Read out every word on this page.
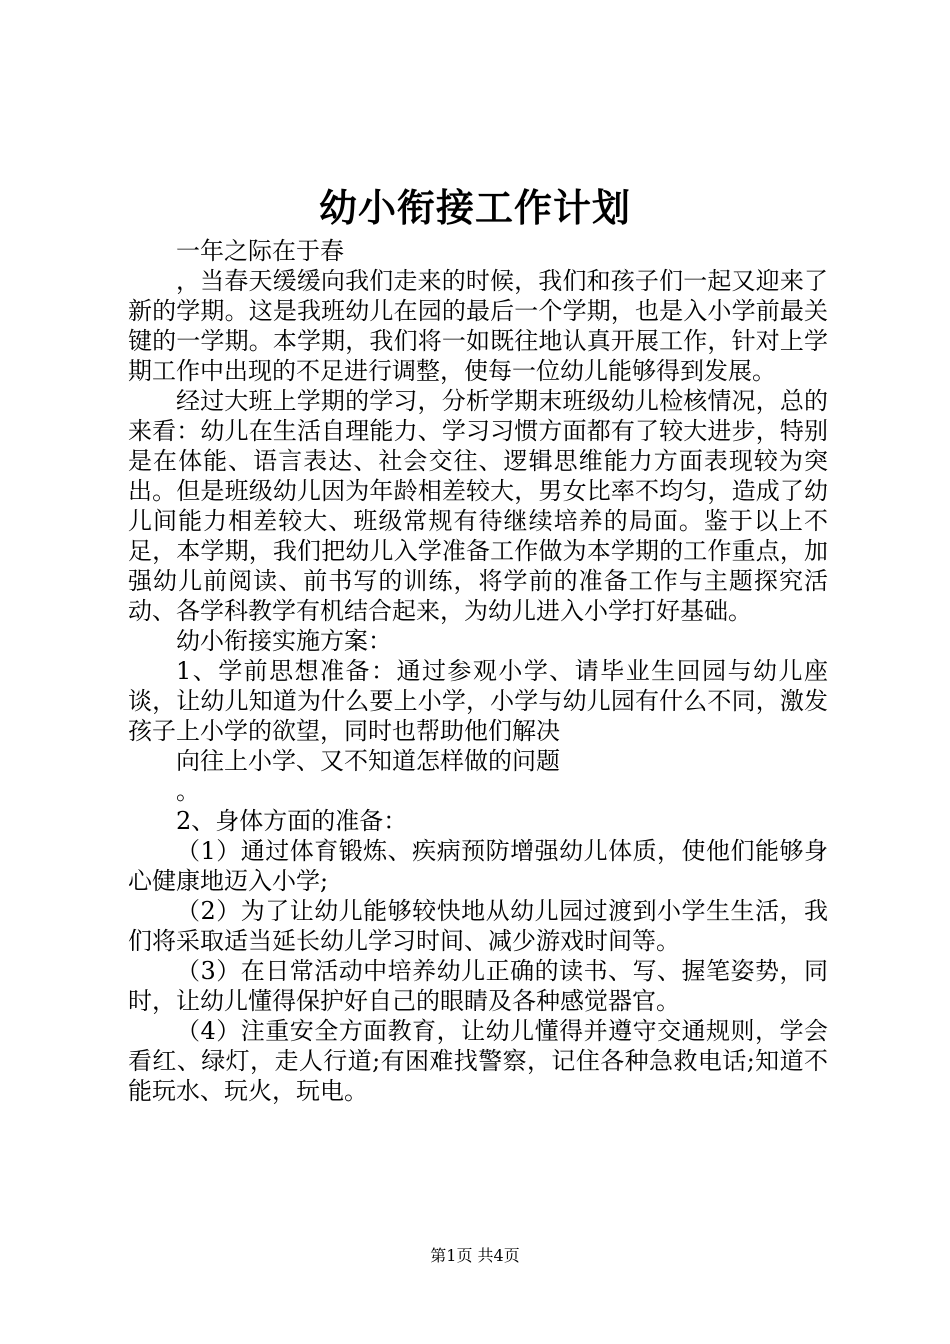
幼小衔接工作计划

一年之际在于春

，当春天缓缓向我们走来的时候，我们和孩子们一起又迎来了新的学期。这是我班幼儿在园的最后一个学期，也是入小学前最关键的一学期。本学期，我们将一如既往地认真开展工作，针对上学期工作中出现的不足进行调整，使每一位幼儿能够得到发展。

经过大班上学期的学习，分析学期末班级幼儿检核情况，总的来看：幼儿在生活自理能力、学习习惯方面都有了较大进步，特别是在体能、语言表达、社会交往、逻辑思维能力方面表现较为突出。但是班级幼儿因为年龄相差较大，男女比率不均匀，造成了幼儿间能力相差较大、班级常规有待继续培养的局面。鉴于以上不足，本学期，我们把幼儿入学准备工作做为本学期的工作重点，加强幼儿前阅读、前书写的训练，将学前的准备工作与主题探究活动、各学科教学有机结合起来，为幼儿进入小学打好基础。

幼小衔接实施方案：

1、学前思想准备：通过参观小学、请毕业生回园与幼儿座谈，让幼儿知道为什么要上小学，小学与幼儿园有什么不同，激发孩子上小学的欲望，同时也帮助他们解决

向往上小学、又不知道怎样做的问题

。

2、身体方面的准备：

（1）通过体育锻炼、疾病预防增强幼儿体质，使他们能够身心健康地迈入小学;

（2）为了让幼儿能够较快地从幼儿园过渡到小学生生活，我们将采取适当延长幼儿学习时间、减少游戏时间等。

（3）在日常活动中培养幼儿正确的读书、写、握笔姿势，同时，让幼儿懂得保护好自己的眼睛及各种感觉器官。

（4）注重安全方面教育，让幼儿懂得并遵守交通规则，学会看红、绿灯，走人行道;有困难找警察，记住各种急救电话;知道不能玩水、玩火，玩电。

第1页 共4页
